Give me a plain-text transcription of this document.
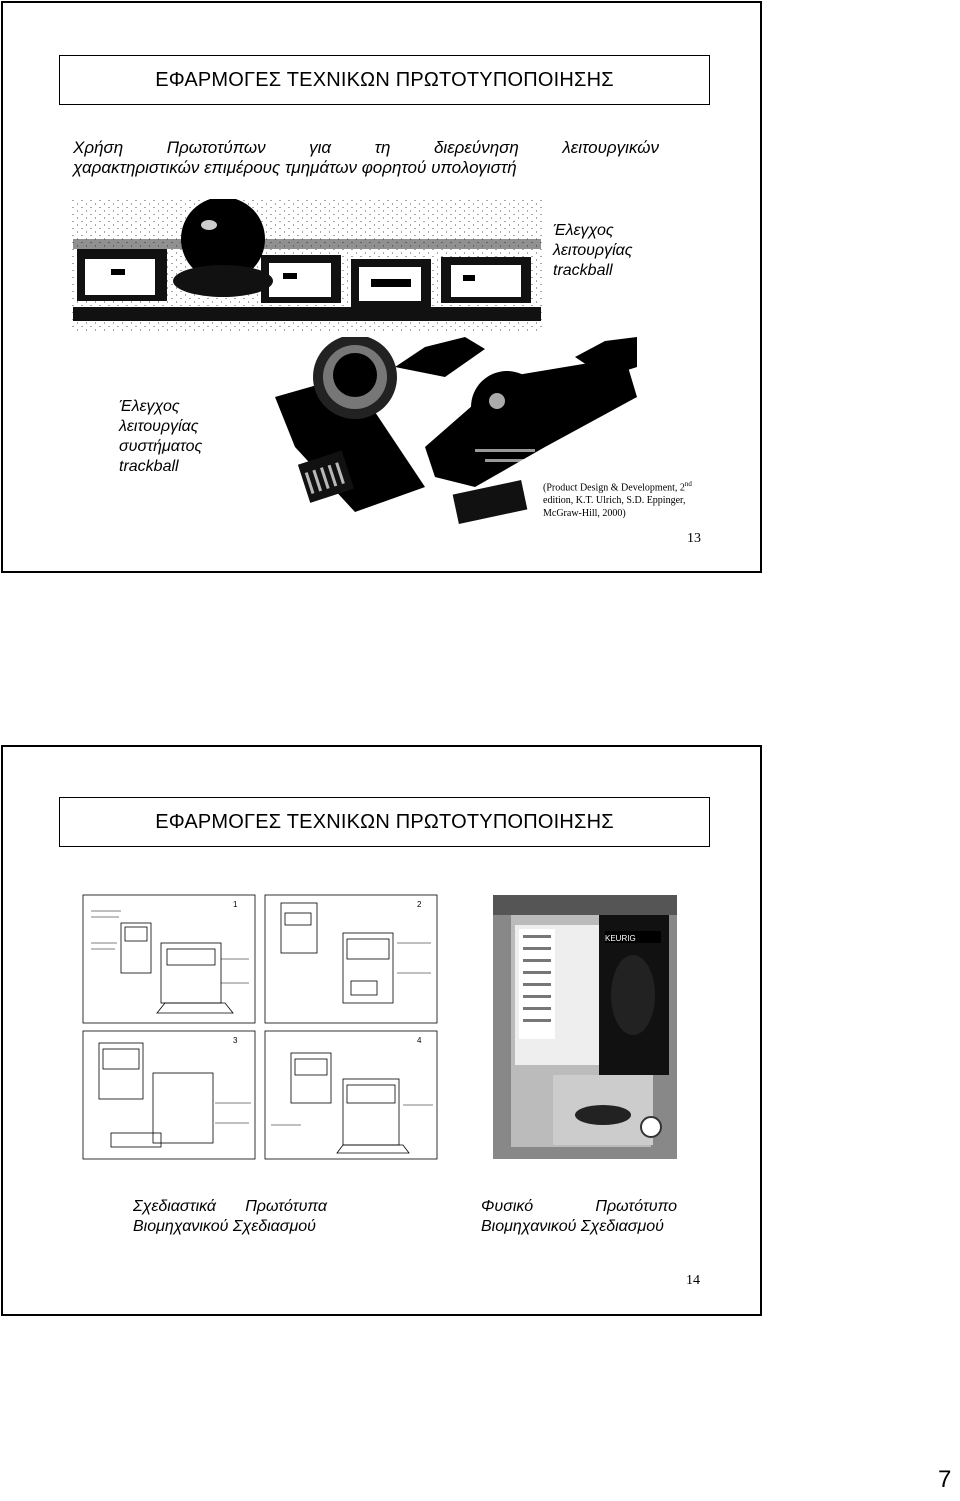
ΕΦΑΡΜΟΓΕΣ ΤΕΧΝΙΚΩΝ ΠΡΩΤΟΤΥΠΟΠΟΙΗΣΗΣ
Χρήση	Πρωτοτύπων	για	τη	διερεύνηση	λειτουργικών
χαρακτηριστικών επιμέρους τμημάτων φορητού υπολογιστή
Έλεγχος
λειτουργίας
trackball
Έλεγχος
λειτουργίας
συστήματος
trackball
(Product Design & Development, 2nd
edition, K.T. Ulrich, S.D. Eppinger,
McGraw-Hill, 2000)
13
ΕΦΑΡΜΟΓΕΣ ΤΕΧΝΙΚΩΝ ΠΡΩΤΟΤΥΠΟΠΟΙΗΣΗΣ
1	2
3	4
KEURIG
Σχεδιαστικά Πρωτότυπα
Βιομηχανικού Σχεδιασμού
Φυσικό	Πρωτότυπο
Βιομηχανικού Σχεδιασμού
14
7
